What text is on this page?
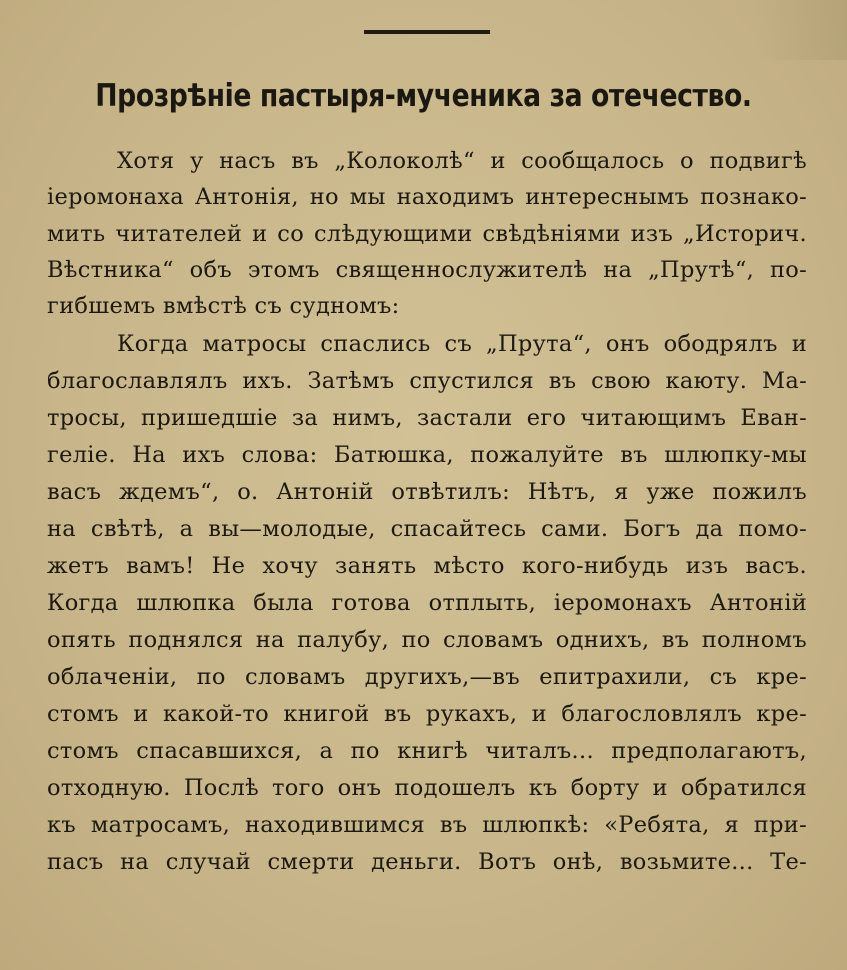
Прозрѣніе пастыря-мученика за отечество.
Хотя у насъ въ „Колоколѣ“ и сообщалось о подвигѣ
іеромонаха Антонія, но мы находимъ интереснымъ познако-
мить читателей и со слѣдующими свѣдѣніями изъ „Историч.
Вѣстника“ объ этомъ священнослужителѣ на „Прутѣ“, по-
гибшемъ вмѣстѣ съ судномъ:
Когда матросы спаслись съ „Прута“, онъ ободрялъ и
благославлялъ ихъ. Затѣмъ спустился въ свою каюту. Ма-
тросы, пришедшіе за нимъ, застали его читающимъ Еван-
геліе. На ихъ слова: Батюшка, пожалуйте въ шлюпку-мы
васъ ждемъ“, о. Антоній отвѣтилъ: Нѣтъ, я уже пожилъ
на свѣтѣ, а вы—молодые, спасайтесь сами. Богъ да помо-
жетъ вамъ! Не хочу занять мѣсто кого-нибудь изъ васъ.
Когда шлюпка была готова отплыть, іеромонахъ Антоній
опять поднялся на палубу, по словамъ однихъ, въ полномъ
облаченіи, по словамъ другихъ,—въ епитрахили, съ кре-
стомъ и какой-то книгой въ рукахъ, и благословлялъ кре-
стомъ спасавшихся, а по книгѣ читалъ... предполагаютъ,
отходную. Послѣ того онъ подошелъ къ борту и обратился
къ матросамъ, находившимся въ шлюпкѣ: «Ребята, я при-
пасъ на случай смерти деньги. Вотъ онѣ, возьмите... Те-
